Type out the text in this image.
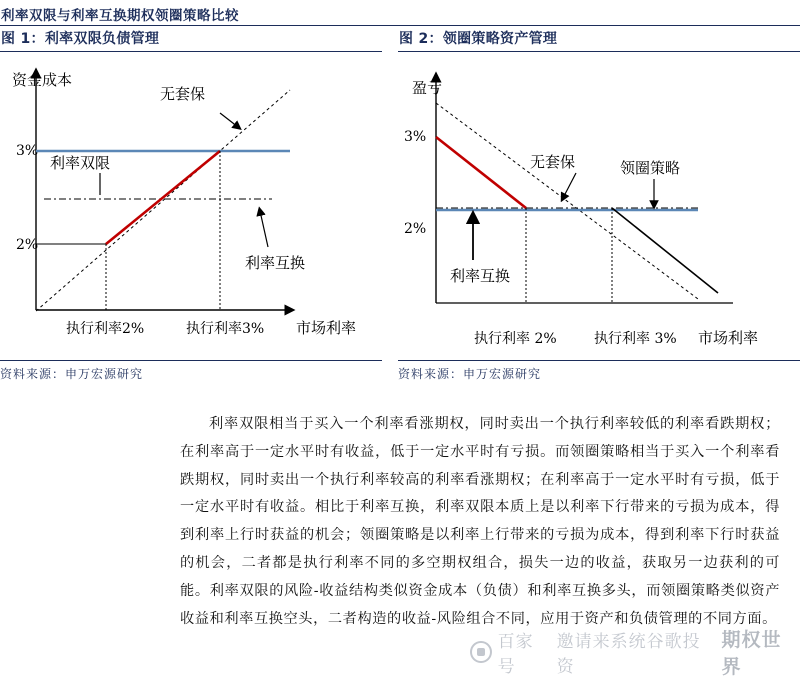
利率双限与利率互换期权领圈策略比较
图 1：利率双限负债管理	图 2：领圈策略资产管理
资金成本
3%
2%
无套保
利率双限
利率互换
执行利率2%	执行利率3% 市场利率
盈亏
3%
2%
无套保	领圈策略
利率互换
执行利率 2%	执行利率 3% 市场利率
资料来源：申万宏源研究	资料来源：申万宏源研究

利率双限相当于买入一个利率看涨期权，同时卖出一个执行利率较低的利率看跌期权；在利率高于一定水平时有收益，低于一定水平时有亏损。而领圈策略相当于买入一个利率看跌期权，同时卖出一个执行利率较高的利率看涨期权；在利率高于一定水平时有亏损，低于一定水平时有收益。相比于利率互换，利率双限本质上是以利率下行带来的亏损为成本，得到利率上行时获益的机会；领圈策略是以利率上行带来的亏损为成本，得到利率下行时获益的机会，二者都是执行利率不同的多空期权组合，损失一边的收益，获取另一边获利的可能。利率双限的风险-收益结构类似资金成本（负债）和利率互换多头，而领圈策略类似资产收益和利率互换空头，二者构造的收益-风险组合不同，应用于资产和负债管理的不同方面。

百家号
邀请来系统谷歌投资
期权世界
